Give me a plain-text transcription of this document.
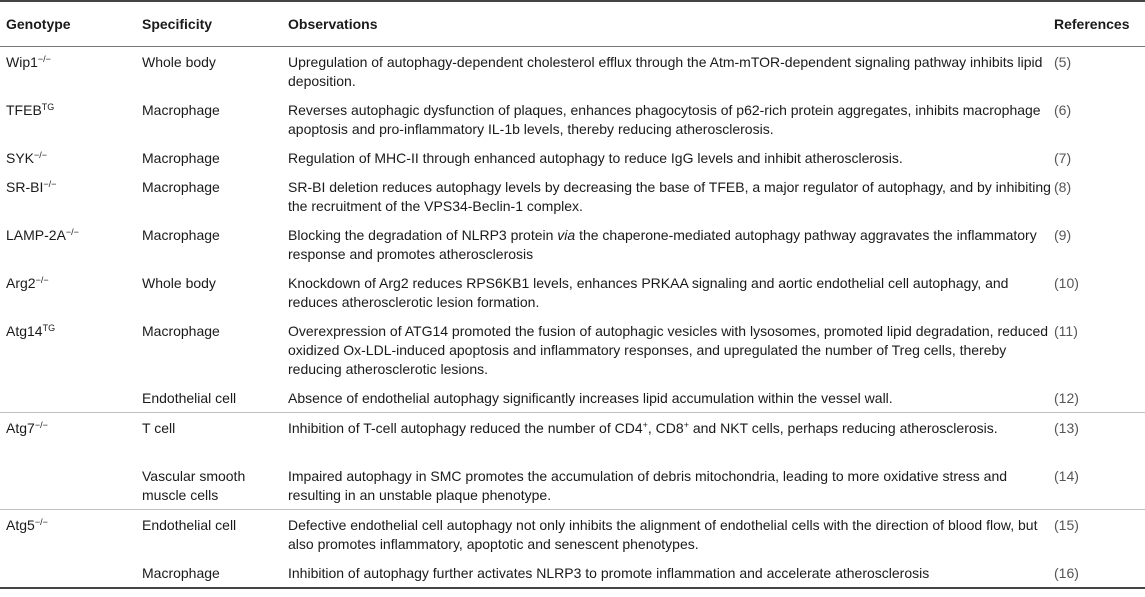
Genotype	Specificity	Observations	References
Wip1−/−	Whole body	Upregulation of autophagy-dependent cholesterol efflux through the Atm-mTOR-dependent signaling pathway inhibits lipid deposition.	(5)
$TFEB^{TG}$	Macrophage	Reverses autophagic dysfunction of plaques, enhances phagocytosis of p62-rich protein aggregates, inhibits macrophage apoptosis and pro-inflammatory IL-1b levels, thereby reducing atherosclerosis.	(6)
SYK−/−	Macrophage	Regulation of MHC-II through enhanced autophagy to reduce IgG levels and inhibit atherosclerosis.	(7)
SR-BI−/−	Macrophage	SR-BI deletion reduces autophagy levels by decreasing the base of TFEB, a major regulator of autophagy, and by inhibiting the recruitment of the VPS34-Beclin-1 complex.	(8)
LAMP-2A−/−	Macrophage	Blocking the degradation of NLRP3 protein via the chaperone-mediated autophagy pathway aggravates the inflammatory response and promotes atherosclerosis	(9)
Arg2−/−	Whole body	Knockdown of Arg2 reduces RPS6KB1 levels, enhances PRKAA signaling and aortic endothelial cell autophagy, and reduces atherosclerotic lesion formation.	(10)
$Atg14^{TG}$	Macrophage	Overexpression of ATG14 promoted the fusion of autophagic vesicles with lysosomes, promoted lipid degradation, reduced oxidized Ox-LDL-induced apoptosis and inflammatory responses, and upregulated the number of Treg cells, thereby reducing atherosclerotic lesions.	(11)
	Endothelial cell	Absence of endothelial autophagy significantly increases lipid accumulation within the vessel wall.	(12)
Atg7−/−	T cell	Inhibition of T-cell autophagy reduced the number of CD4+, CD8+ and NKT cells, perhaps reducing atherosclerosis.	(13)
	Vascular smooth muscle cells	Impaired autophagy in SMC promotes the accumulation of debris mitochondria, leading to more oxidative stress and resulting in an unstable plaque phenotype.	(14)
Atg5−/−	Endothelial cell	Defective endothelial cell autophagy not only inhibits the alignment of endothelial cells with the direction of blood flow, but also promotes inflammatory, apoptotic and senescent phenotypes.	(15)
	Macrophage	Inhibition of autophagy further activates NLRP3 to promote inflammation and accelerate atherosclerosis	(16)
